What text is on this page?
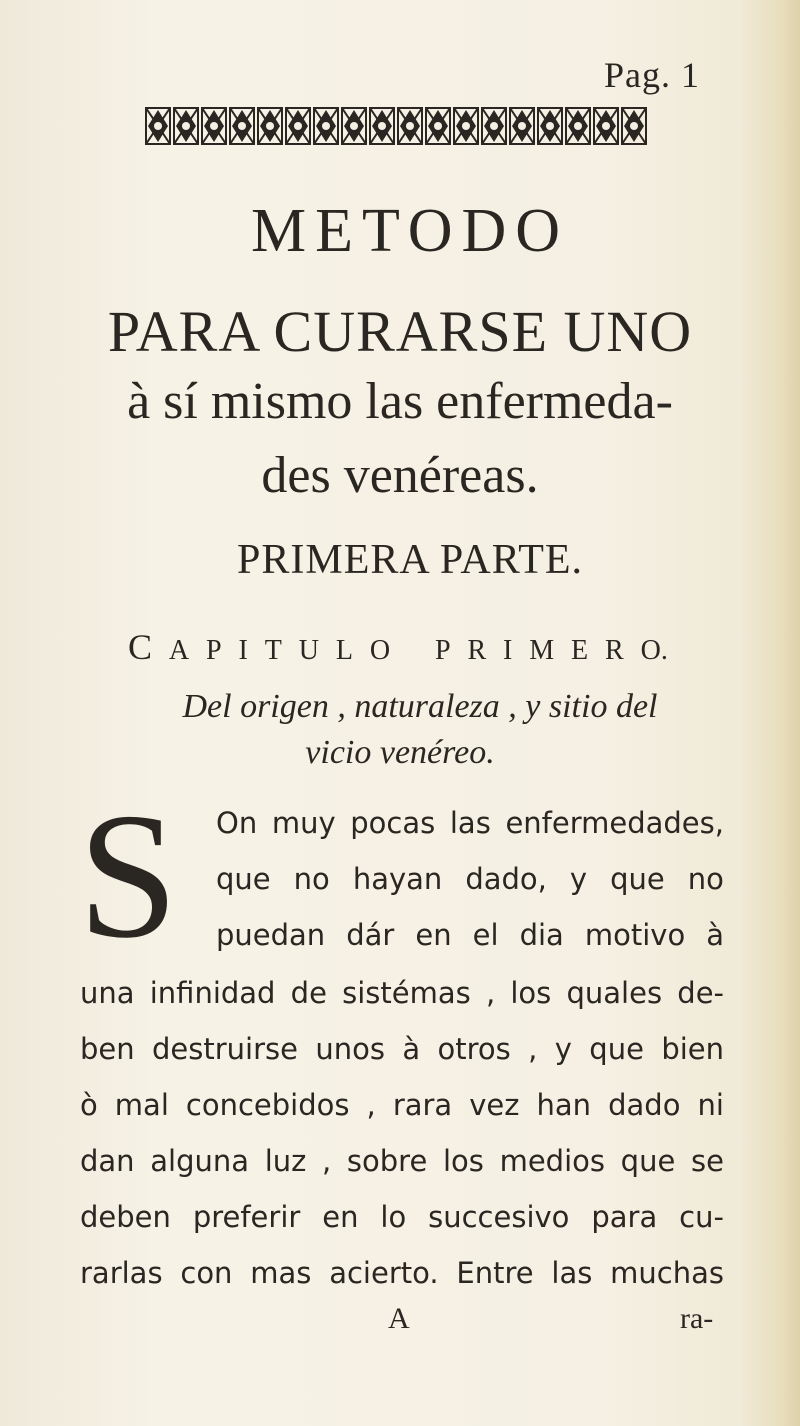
Pag. 1
METODO
PARA CURARSE UNO
à sí mismo las enfermeda-
des venéreas.
PRIMERA PARTE.
C A P I T U L O P R I M E R O.
Del origen , naturaleza , y sitio del
vicio venéreo.
S On muy pocas las enfermedades,
que no hayan dado, y que no
puedan dár en el dia motivo à
una infinidad de sistémas , los quales de-
ben destruirse unos à otros , y que bien
ò mal concebidos , rara vez han dado ni
dan alguna luz , sobre los medios que se
deben preferir en lo succesivo para cu-
rarlas con mas acierto. Entre las muchas
A	ra-
